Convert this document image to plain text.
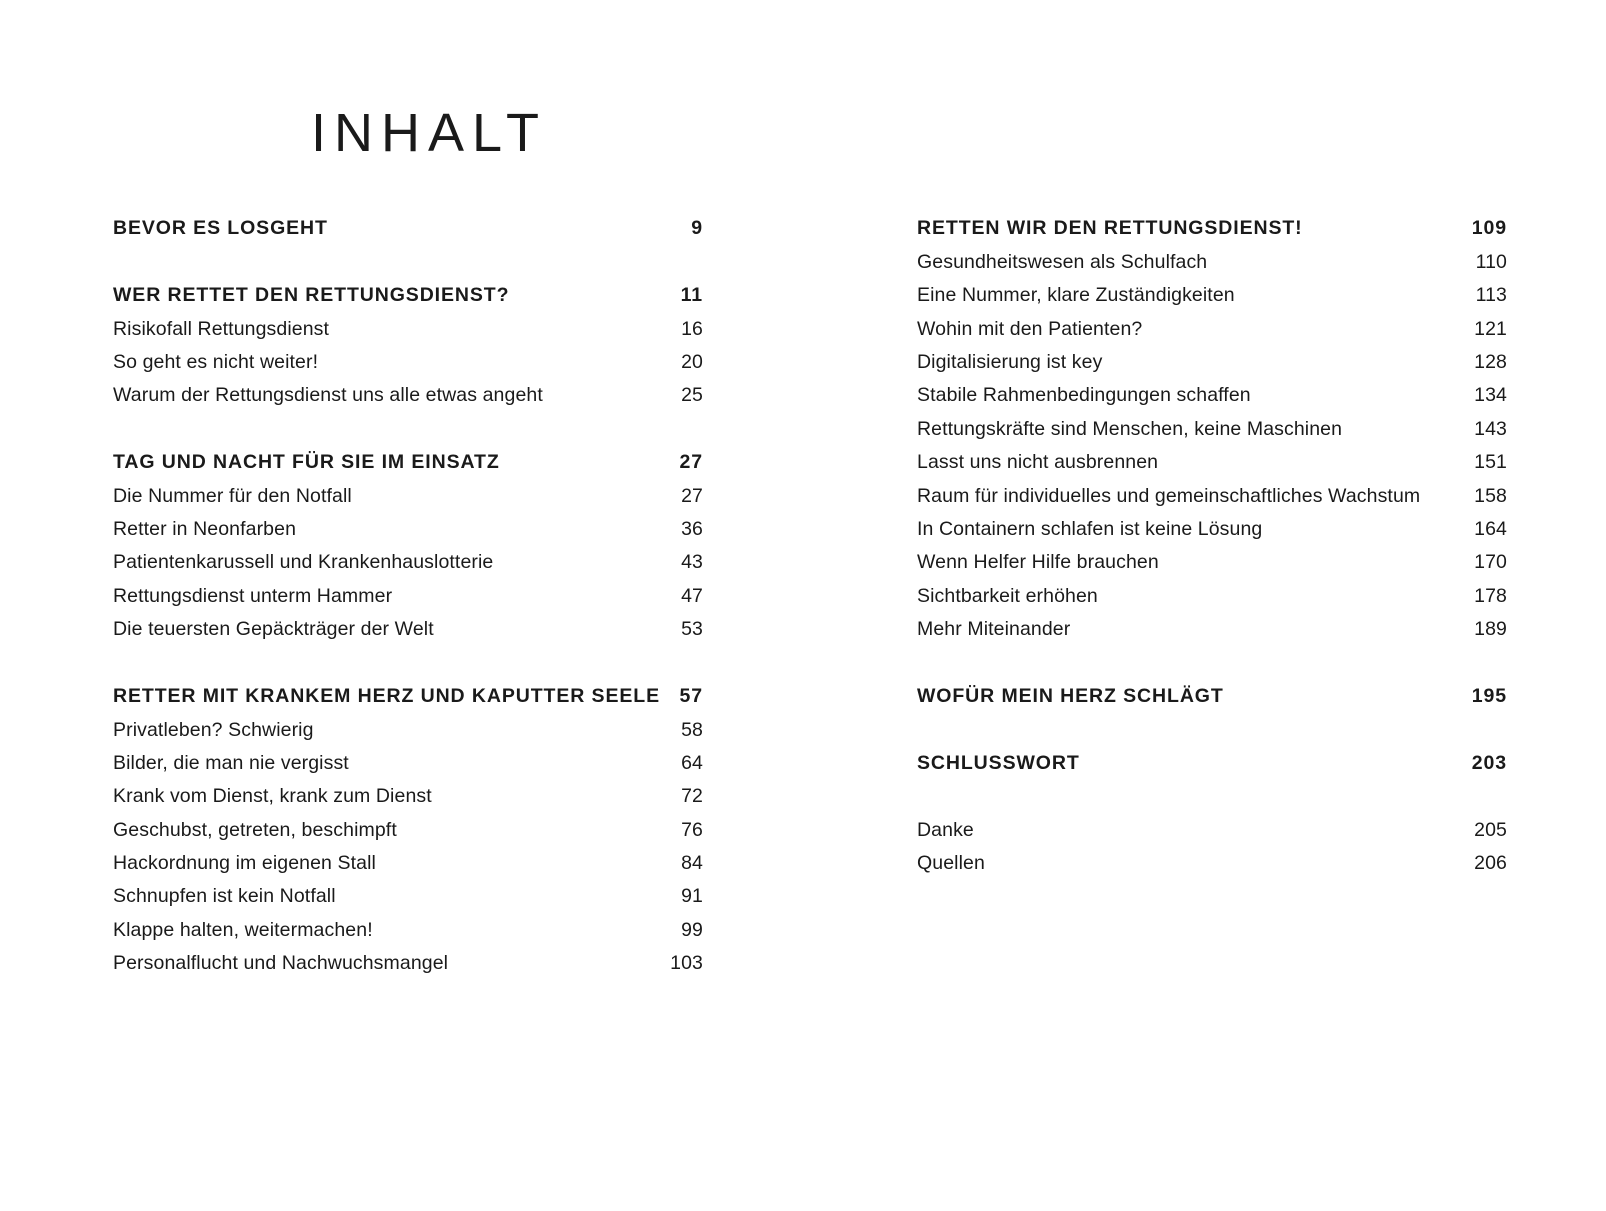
INHALT
BEVOR ES LOSGEHT	9
WER RETTET DEN RETTUNGSDIENST?	11
Risikofall Rettungsdienst	16
So geht es nicht weiter!	20
Warum der Rettungsdienst uns alle etwas angeht	25
TAG UND NACHT FÜR SIE IM EINSATZ	27
Die Nummer für den Notfall	27
Retter in Neonfarben	36
Patientenkarussell und Krankenhauslotterie	43
Rettungsdienst unterm Hammer	47
Die teuersten Gepäckträger der Welt	53
RETTER MIT KRANKEM HERZ UND KAPUTTER SEELE 57
Privatleben? Schwierig	58
Bilder, die man nie vergisst	64
Krank vom Dienst, krank zum Dienst	72
Geschubst, getreten, beschimpft	76
Hackordnung im eigenen Stall	84
Schnupfen ist kein Notfall	91
Klappe halten, weitermachen!	99
Personalflucht und Nachwuchsmangel	103
RETTEN WIR DEN RETTUNGSDIENST!	109
Gesundheitswesen als Schulfach	110
Eine Nummer, klare Zuständigkeiten	113
Wohin mit den Patienten?	121
Digitalisierung ist key	128
Stabile Rahmenbedingungen schaffen	134
Rettungskräfte sind Menschen, keine Maschinen	143
Lasst uns nicht ausbrennen	151
Raum für individuelles und gemeinschaftliches Wachstum	158
In Containern schlafen ist keine Lösung	164
Wenn Helfer Hilfe brauchen	170
Sichtbarkeit erhöhen	178
Mehr Miteinander	189
WOFÜR MEIN HERZ SCHLÄGT	195
SCHLUSSWORT	203
Danke	205
Quellen	206
